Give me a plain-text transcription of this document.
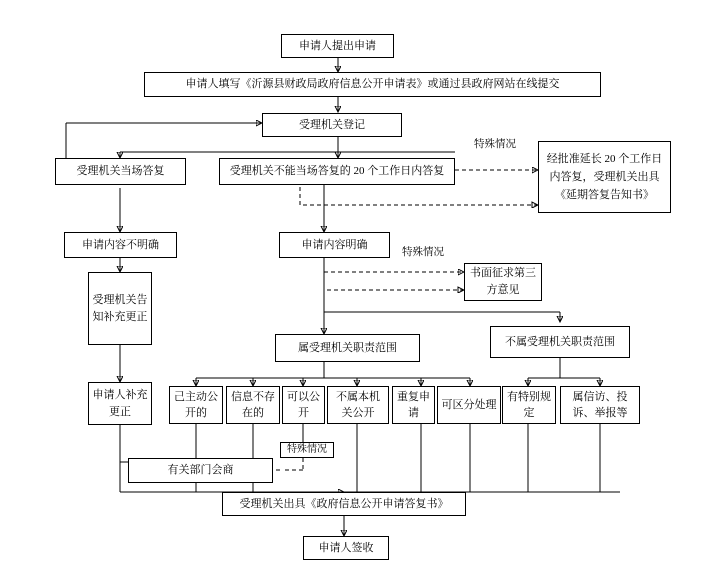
申请人提出申请
申请人填写《沂源县财政局政府信息公开申请表》或通过县政府网站在线提交
受理机关登记
受理机关当场答复	受理机关不能当场答复的 20 个工作日内答复
经批准延长 20 个工作日内答复，受理机关出具《延期答复告知书》
申请内容不明确	申请内容明确
书面征求第三方意见
受理机关告知补充更正
申请人补充更正
属受理机关职责范围	不属受理机关职责范围
己主动公开的
信息不存在的
可以公开
不属本机关公开
重复申请
可区分处理
有特别规定
属信访、投诉、举报等
有关部门会商
受理机关出具《政府信息公开申请答复书》
申请人签收
特殊情况
特殊情况
特殊情况
